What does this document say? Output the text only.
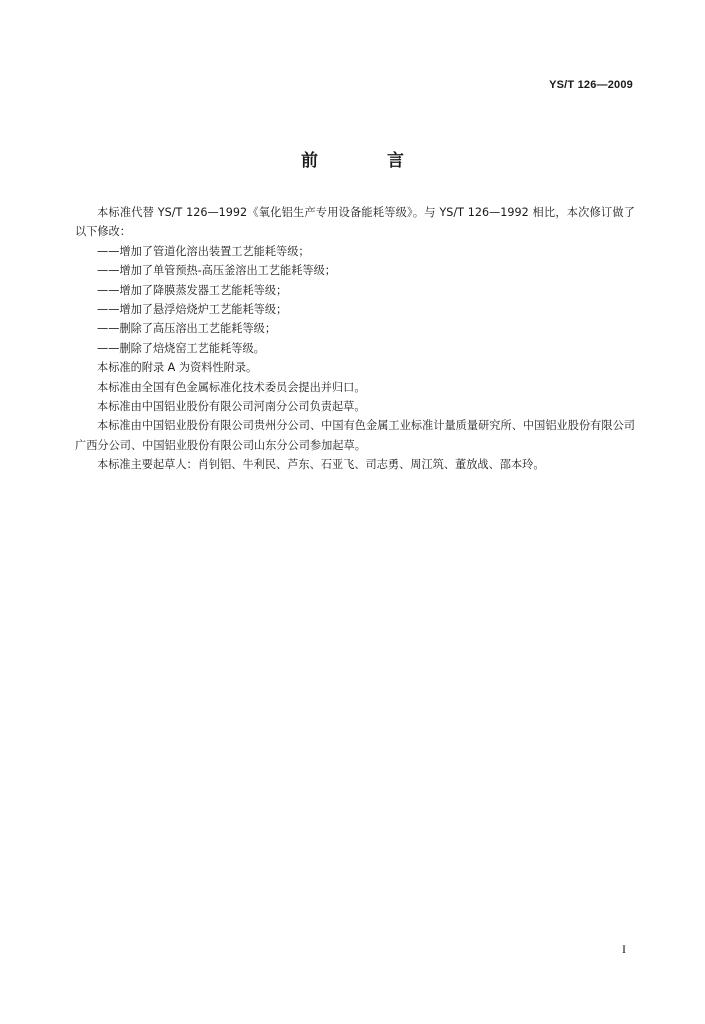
YS/T 126—2009
前　言

本标准代替 YS/T 126—1992《氧化铝生产专用设备能耗等级》。与 YS/T 126—1992 相比，本次修订做了以下修改：

——增加了管道化溶出装置工艺能耗等级；

——增加了单管预热-高压釜溶出工艺能耗等级；

——增加了降膜蒸发器工艺能耗等级；

——增加了悬浮焙烧炉工艺能耗等级；

——删除了高压溶出工艺能耗等级；

——删除了焙烧窑工艺能耗等级。

本标准的附录 A 为资料性附录。

本标准由全国有色金属标准化技术委员会提出并归口。

本标准由中国铝业股份有限公司河南分公司负责起草。

本标准由中国铝业股份有限公司贵州分公司、中国有色金属工业标准计量质量研究所、中国铝业股份有限公司广西分公司、中国铝业股份有限公司山东分公司参加起草。

本标准主要起草人：肖钊铝、牛利民、芦东、石亚飞、司志勇、周江筑、董放战、邵本玲。

I
